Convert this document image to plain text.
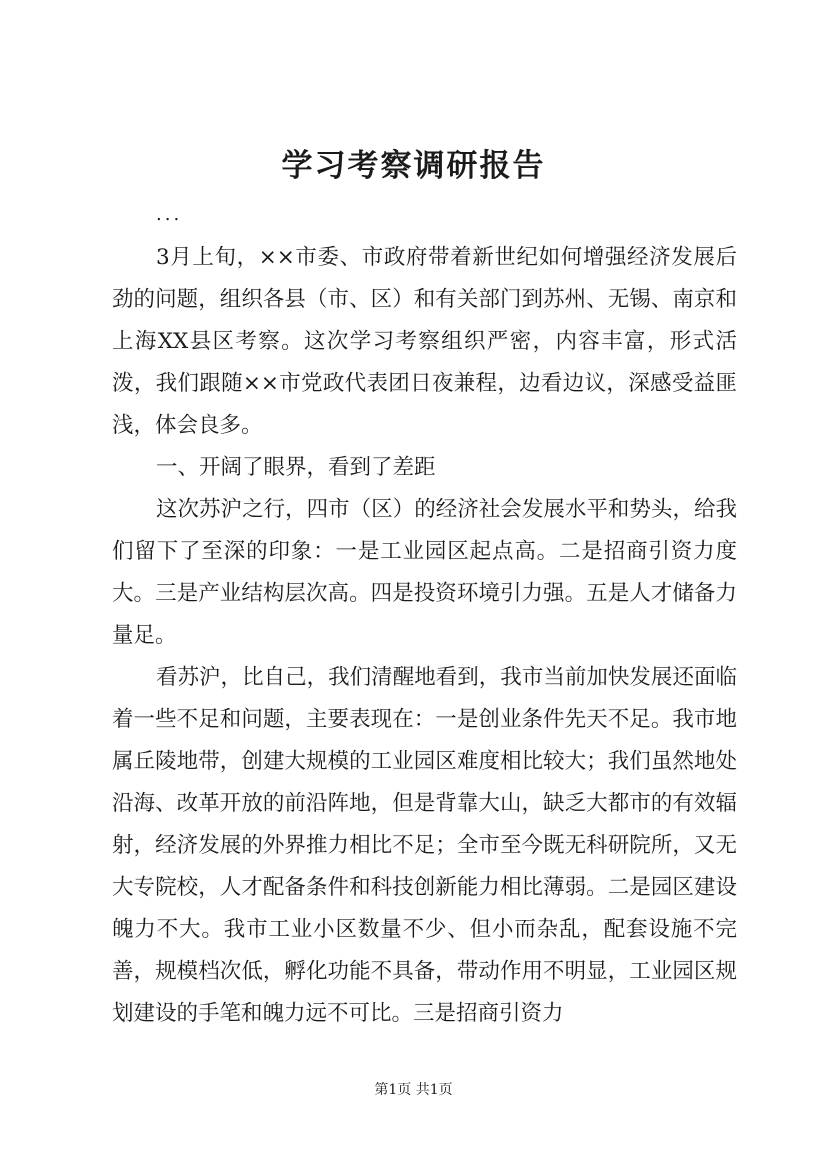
学习考察调研报告
...

3月上旬，××市委、市政府带着新世纪如何增强经济发展后劲的问题，组织各县（市、区）和有关部门到苏州、无锡、南京和上海XX县区考察。这次学习考察组织严密，内容丰富，形式活泼，我们跟随××市党政代表团日夜兼程，边看边议，深感受益匪浅，体会良多。

一、开阔了眼界，看到了差距

这次苏沪之行，四市（区）的经济社会发展水平和势头，给我们留下了至深的印象：一是工业园区起点高。二是招商引资力度大。三是产业结构层次高。四是投资环境引力强。五是人才储备力量足。

看苏沪，比自己，我们清醒地看到，我市当前加快发展还面临着一些不足和问题，主要表现在：一是创业条件先天不足。我市地属丘陵地带，创建大规模的工业园区难度相比较大；我们虽然地处沿海、改革开放的前沿阵地，但是背靠大山，缺乏大都市的有效辐射，经济发展的外界推力相比不足；全市至今既无科研院所，又无大专院校，人才配备条件和科技创新能力相比薄弱。二是园区建设魄力不大。我市工业小区数量不少、但小而杂乱，配套设施不完善，规模档次低，孵化功能不具备，带动作用不明显，工业园区规划建设的手笔和魄力远不可比。三是招商引资力

第1页 共1页
